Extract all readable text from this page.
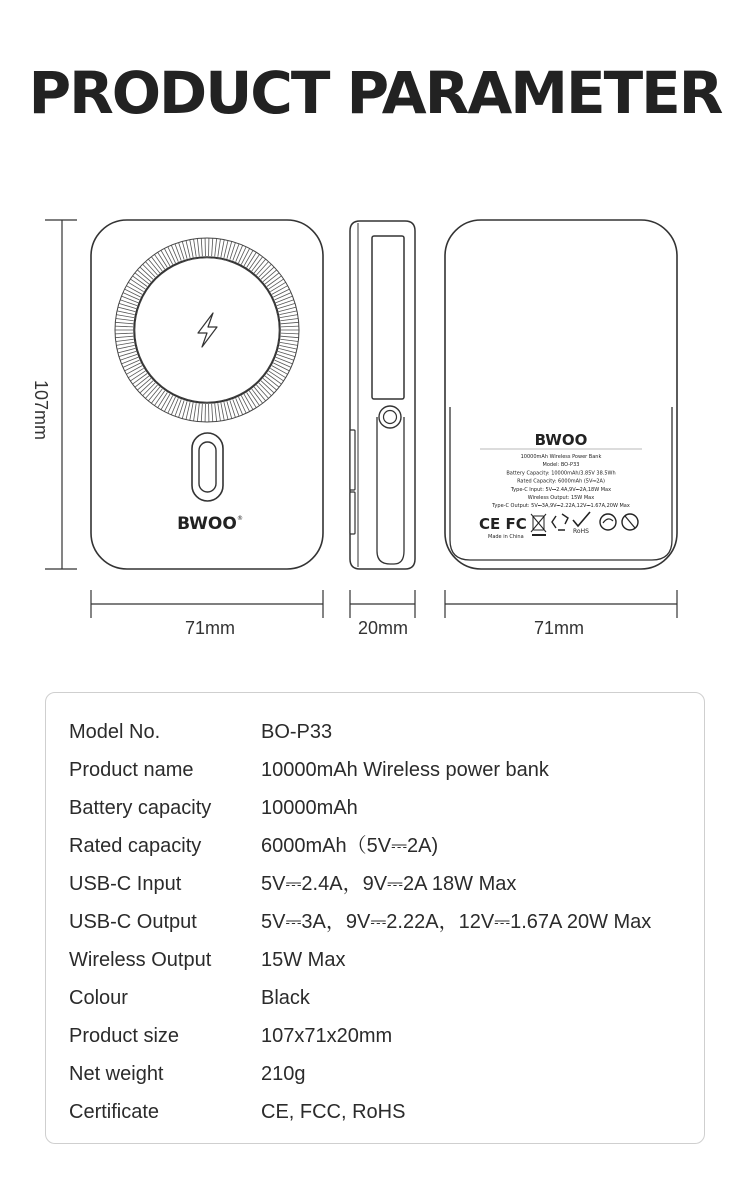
PRODUCT PARAMETER
BWOO ®
BWOO
10000mAh Wireless Power Bank
Model: BO-P33
Battery Capacity: 10000mAh/3.85V 38.5Wh
Rated Capacity: 6000mAh (5V⎓2A)
Type-C Input: 5V⎓2.4A,9V⎓2A,18W Max
Wireless Output: 15W Max
Type-C Output: 5V⎓3A,9V⎓2.22A,12V⎓1.67A,20W Max
CE FC	RoHS
Made in China
107mm
71mm	20mm	71mm
Model No.	BO-P33
Product name	10000mAh Wireless power bank
Battery capacity 10000mAh
Rated capacity	6000mAh（5V⎓2A)
USB-C Input	5V⎓2.4A，9V⎓2A 18W Max
USB-C Output	5V⎓3A，9V⎓2.22A，12V⎓1.67A 20W Max
Wireless Output 15W Max
Colour	Black
Product size	107x71x20mm
Net weight	210g
Certificate	CE, FCC, RoHS
